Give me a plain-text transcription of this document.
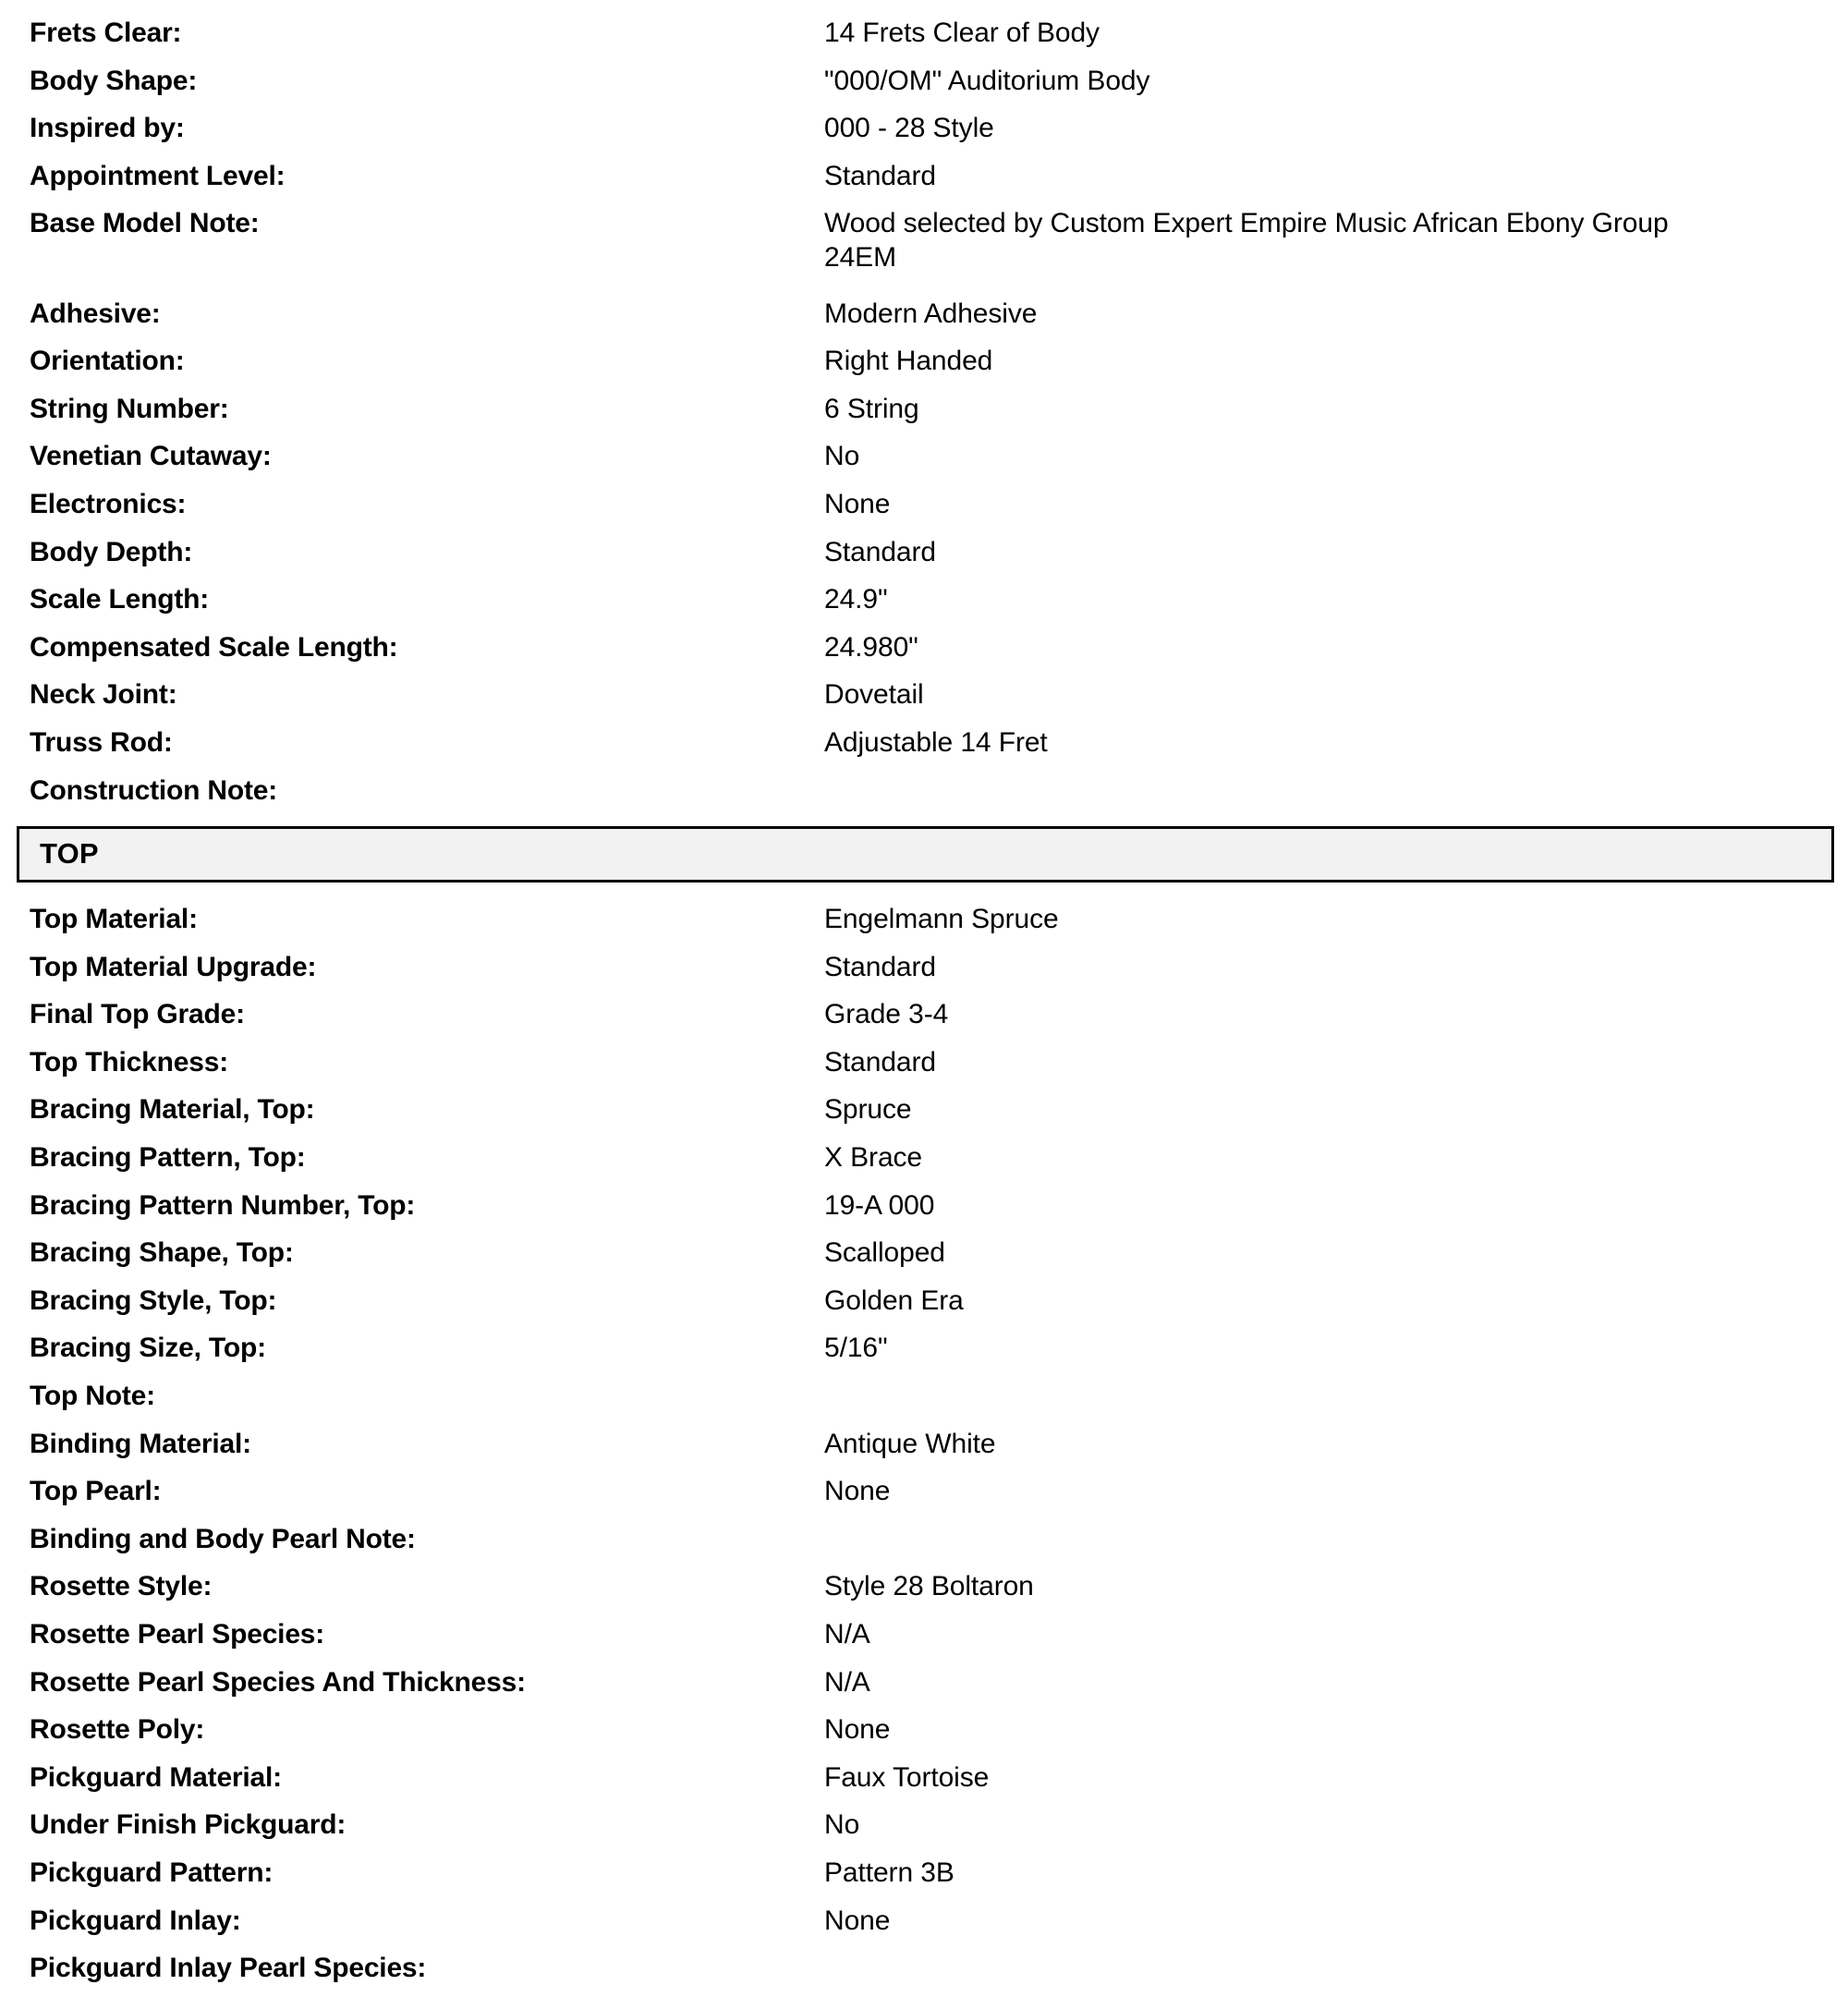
Frets Clear:	14 Frets Clear of Body
Body Shape:	"000/OM" Auditorium Body
Inspired by:	000 - 28 Style
Appointment Level:	Standard
Base Model Note:	Wood selected by Custom Expert Empire Music African Ebony Group 24EM
Adhesive:	Modern Adhesive
Orientation:	Right Handed
String Number:	6 String
Venetian Cutaway:	No
Electronics:	None
Body Depth:	Standard
Scale Length:	24.9"
Compensated Scale Length:	24.980"
Neck Joint:	Dovetail
Truss Rod:	Adjustable 14 Fret
Construction Note:
TOP
Top Material:	Engelmann Spruce
Top Material Upgrade:	Standard
Final Top Grade:	Grade 3-4
Top Thickness:	Standard
Bracing Material, Top:	Spruce
Bracing Pattern, Top:	X Brace
Bracing Pattern Number, Top:	19-A 000
Bracing Shape, Top:	Scalloped
Bracing Style, Top:	Golden Era
Bracing Size, Top:	5/16"
Top Note:
Binding Material:	Antique White
Top Pearl:	None
Binding and Body Pearl Note:
Rosette Style:	Style 28 Boltaron
Rosette Pearl Species:	N/A
Rosette Pearl Species And Thickness:	N/A
Rosette Poly:	None
Pickguard Material:	Faux Tortoise
Under Finish Pickguard:	No
Pickguard Pattern:	Pattern 3B
Pickguard Inlay:	None
Pickguard Inlay Pearl Species:
